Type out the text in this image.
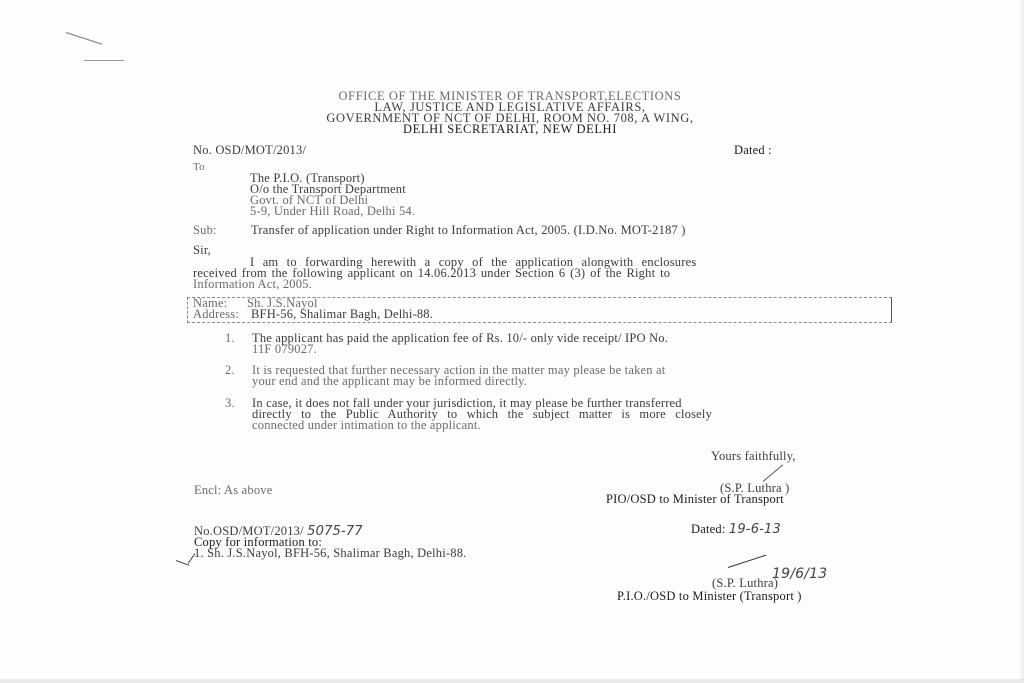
OFFICE OF THE MINISTER OF TRANSPORT,ELECTIONS
LAW, JUSTICE AND LEGISLATIVE AFFAIRS,
GOVERNMENT OF NCT OF DELHI, ROOM NO. 708, A WING,
DELHI SECRETARIAT, NEW DELHI
No. OSD/MOT/2013/	Dated :
To
The P.I.O. (Transport)
O/o the Transport Department
Govt. of NCT of Delhi
5-9, Under Hill Road, Delhi 54.
Sub:	Transfer of application under Right to Information Act, 2005. (I.D.No. MOT-2187 )
Sir,
I am to forwarding herewith a copy of the application alongwith enclosures
received from the following applicant on 14.06.2013 under Section 6 (3) of the Right to
Information Act, 2005.
Name: Sh. J.S.Nayol
Address: BFH-56, Shalimar Bagh, Delhi-88.
1. The applicant has paid the application fee of Rs. 10/- only vide receipt/ IPO No.
11F 079027.
2. It is requested that further necessary action in the matter may please be taken at
your end and the applicant may be informed directly.
3. In case, it does not fall under your jurisdiction, it may please be further transferred
directly to the Public Authority to which the subject matter is more closely
connected under intimation to the applicant.
Yours faithfully,
(S.P. Luthra )
PIO/OSD to Minister of Transport
Encl: As above
No.OSD/MOT/2013/ 5075-77	Dated: 19-6-13
Copy for information to:
1. Sh. J.S.Nayol, BFH-56, Shalimar Bagh, Delhi-88.
19/6/13
(S.P. Luthra)
P.I.O./OSD to Minister (Transport )
